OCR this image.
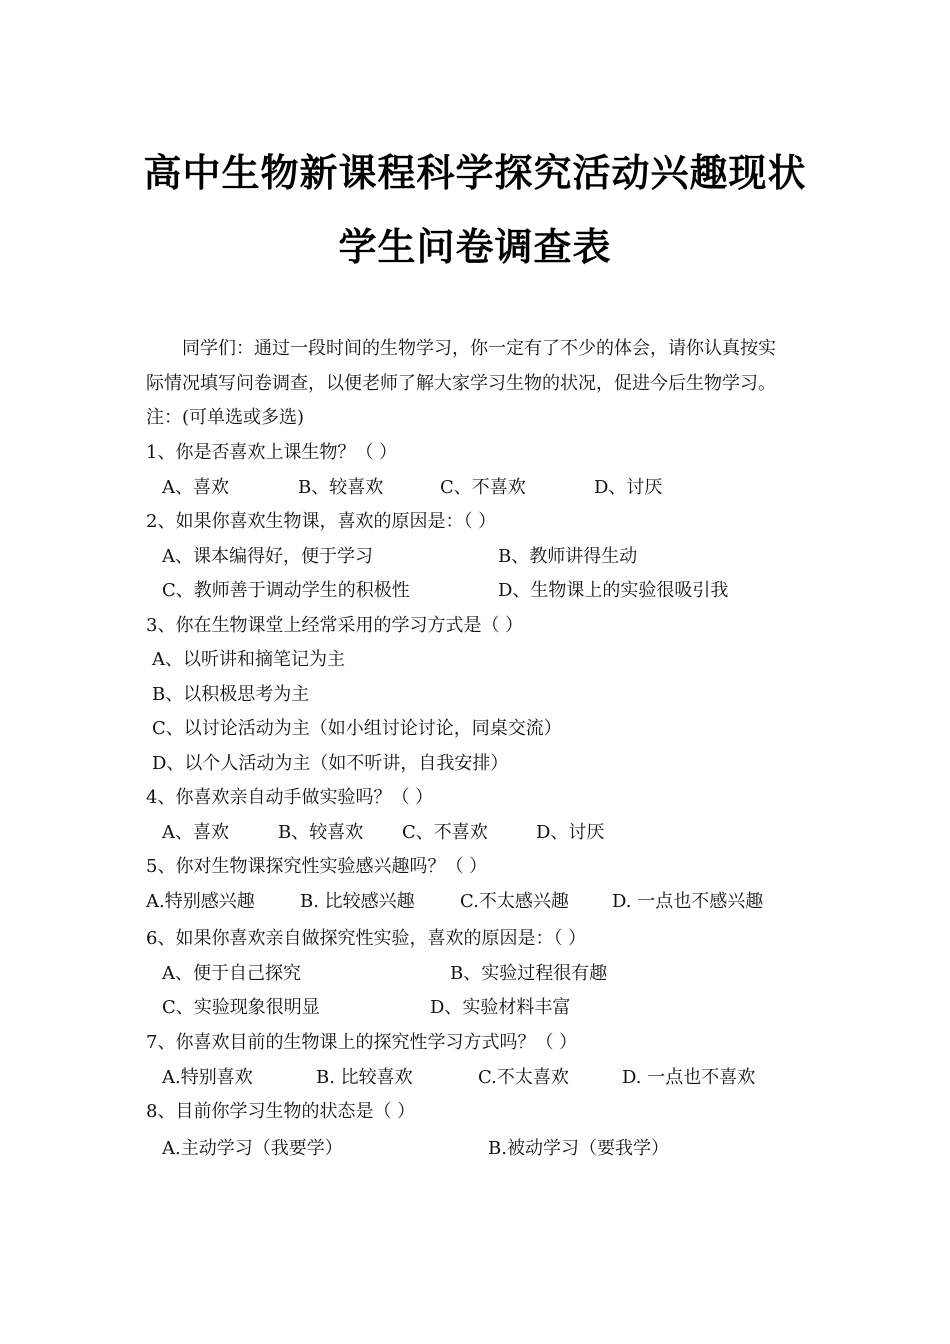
高中生物新课程科学探究活动兴趣现状
学生问卷调查表
同学们：通过一段时间的生物学习，你一定有了不少的体会，请你认真按实
际情况填写问卷调查，以便老师了解大家学习生物的状况，促进今后生物学习。
注：(可单选或多选)
1、你是否喜欢上课生物？（ ）
A、喜欢	B、较喜欢	C、不喜欢	D、讨厌
2、如果你喜欢生物课，喜欢的原因是：（ ）
A、课本编得好，便于学习	B、教师讲得生动
C、教师善于调动学生的积极性	D、生物课上的实验很吸引我
3、你在生物课堂上经常采用的学习方式是（ ）
A、以听讲和摘笔记为主
B、以积极思考为主
C、以讨论活动为主（如小组讨论讨论，同桌交流）
D、以个人活动为主（如不听讲，自我安排）
4、你喜欢亲自动手做实验吗？（ ）
A、喜欢	B、较喜欢 C、不喜欢	D、讨厌
5、你对生物课探究性实验感兴趣吗？（ ）
A.特别感兴趣	B. 比较感兴趣	C.不太感兴趣 D. 一点也不感兴趣
6、如果你喜欢亲自做探究性实验，喜欢的原因是：（ ）
A、便于自己探究	B、实验过程很有趣
C、实验现象很明显	D、实验材料丰富
7、你喜欢目前的生物课上的探究性学习方式吗？（ ）
A.特别喜欢	B. 比较喜欢	C.不太喜欢	D. 一点也不喜欢
8、目前你学习生物的状态是（ ）
A.主动学习（我要学）	B.被动学习（要我学）
